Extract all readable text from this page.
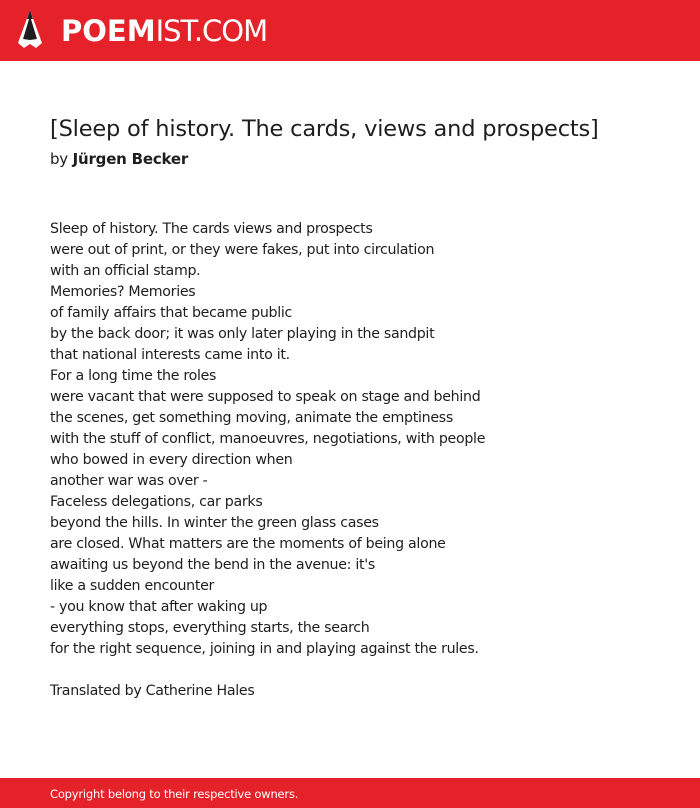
POEMIST.COM
[Sleep of history. The cards, views and prospects]
by Jürgen Becker
Sleep of history. The cards views and prospects
were out of print, or they were fakes, put into circulation
with an official stamp.
Memories? Memories
of family affairs that became public
by the back door; it was only later playing in the sandpit
that national interests came into it.
For a long time the roles
were vacant that were supposed to speak on stage and behind
the scenes, get something moving, animate the emptiness
with the stuff of conflict, manoeuvres, negotiations, with people
who bowed in every direction when
another war was over -
Faceless delegations, car parks
beyond the hills. In winter the green glass cases
are closed. What matters are the moments of being alone
awaiting us beyond the bend in the avenue: it's
like a sudden encounter
- you know that after waking up
everything stops, everything starts, the search
for the right sequence, joining in and playing against the rules.
Translated by Catherine Hales
Copyright belong to their respective owners.
